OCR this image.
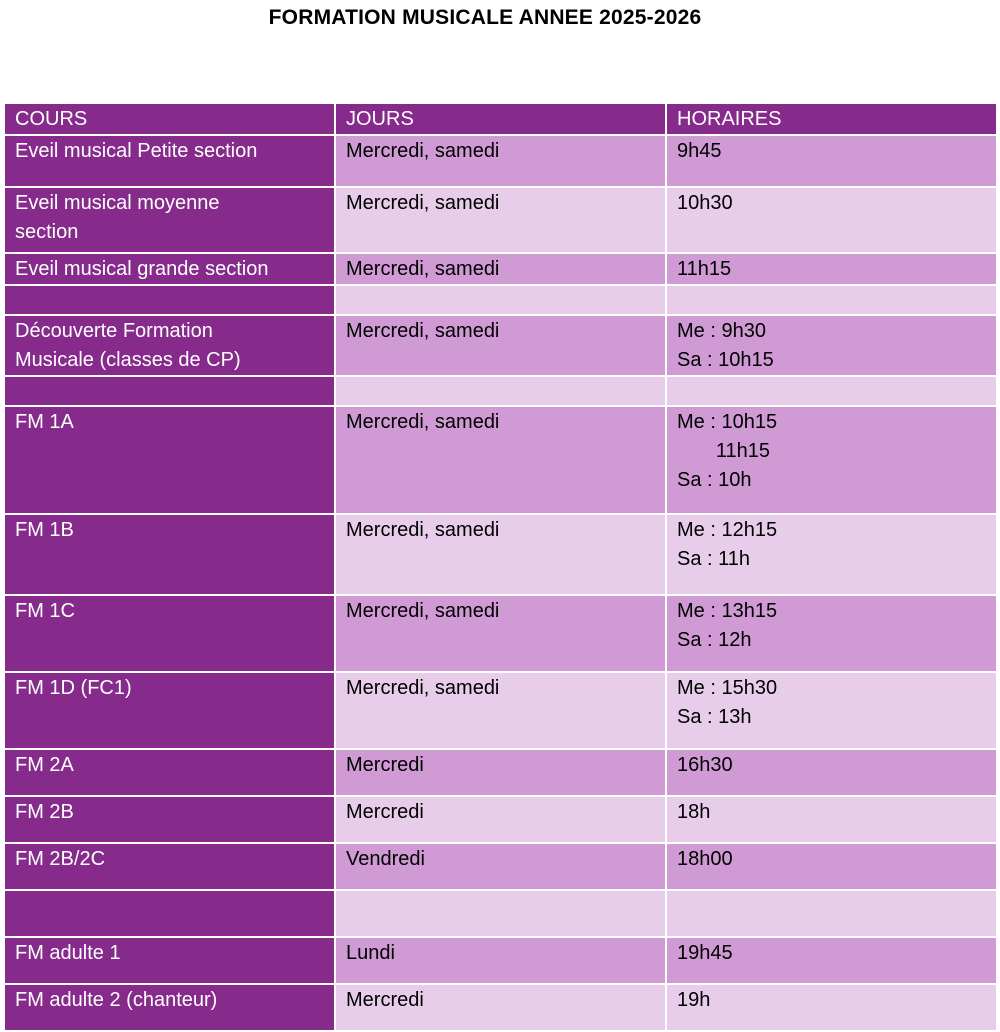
FORMATION MUSICALE ANNEE 2025-2026
COURS	JOURS	HORAIRES

Eveil musical Petite section	Mercredi, samedi	9h45

Eveil musical moyenne
section	Mercredi, samedi	10h30

Eveil musical grande section	Mercredi, samedi	11h15

Découverte Formation
Musicale (classes de CP)	Mercredi, samedi	Me : 9h30
Sa : 10h15

FM 1A	Mercredi, samedi	Me : 10h15
11h15
Sa : 10h

FM 1B	Mercredi, samedi	Me : 12h15
Sa : 11h

FM 1C	Mercredi, samedi	Me : 13h15
Sa : 12h

FM 1D (FC1)	Mercredi, samedi	Me : 15h30
Sa : 13h

FM 2A	Mercredi	16h30

FM 2B	Mercredi	18h

FM 2B/2C	Vendredi	18h00

FM adulte 1	Lundi	19h45

FM adulte 2 (chanteur)	Mercredi	19h
